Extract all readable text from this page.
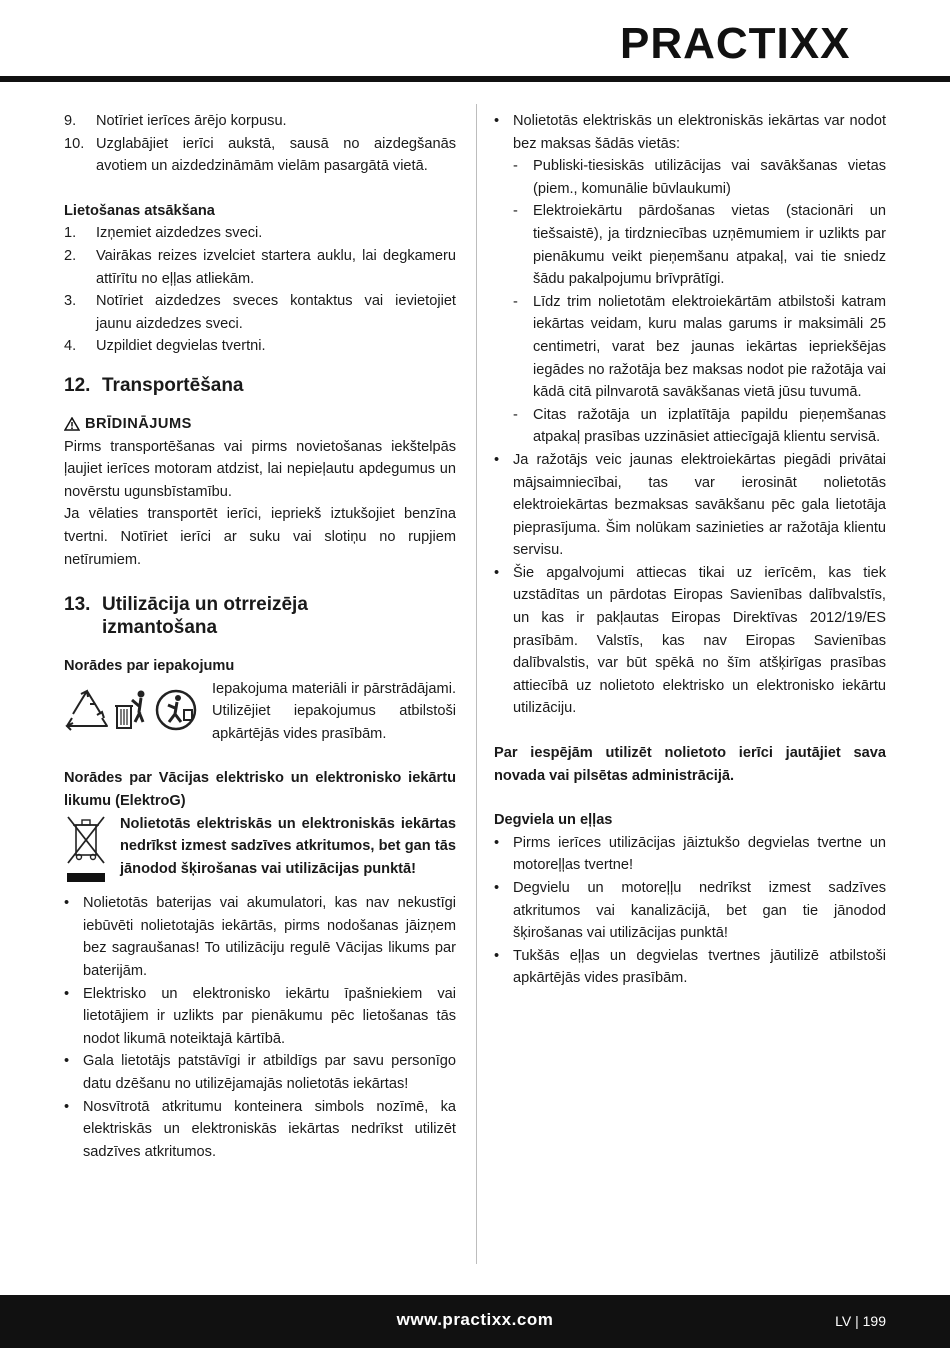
PRACTIXX
9.	Notīriet ierīces ārējo korpusu.
10. Uzglabājiet ierīci aukstā, sausā no aizdegšanās avotiem un aizdedzināmām vielām pasargātā vietā.

Lietošanas atsākšana

1.	Izņemiet aizdedzes sveci.
2.	Vairākas reizes izvelciet startera auklu, lai degkameru attīrītu no eļļas atliekām.
3.	Notīriet aizdedzes sveces kontaktus vai ievietojiet jaunu aizdedzes sveci.
4.	Uzpildiet degvielas tvertni.
12. Transportēšana
BRĪDINĀJUMS

Pirms transportēšanas vai pirms novietošanas iekštelpās ļaujiet ierīces motoram atdzist, lai nepieļautu apdegumus un novērstu ugunsbīstamību.

Ja vēlaties transportēt ierīci, iepriekš iztukšojiet benzīna tvertni. Notīriet ierīci ar suku vai slotiņu no rupjiem netīrumiem.

13. Utilizācija un otrreizēja
izmantošana

Norādes par iepakojumu

Iepakojuma materiāli ir pārstrādājami. Utilizējiet iepakojumus atbilstoši apkārtējās vides prasībām.

Norādes par Vācijas elektrisko un elektronisko iekārtu likumu (ElektroG)

Nolietotās elektriskās un elektroniskās iekārtas nedrīkst izmest sadzīves atkritumos, bet gan tās jānodod šķirošanas vai utilizācijas punktā!

• Nolietotās baterijas vai akumulatori, kas nav nekustīgi iebūvēti nolietotajās iekārtās, pirms nodošanas jāizņem bez sagraušanas! To utilizāciju regulē Vācijas likums par baterijām.
• Elektrisko un elektronisko iekārtu īpašniekiem vai lietotājiem ir uzlikts par pienākumu pēc lietošanas tās nodot likumā noteiktajā kārtībā.
• Gala lietotājs patstāvīgi ir atbildīgs par savu personīgo datu dzēšanu no utilizējamajās nolietotās iekārtas!
• Nosvītrotā atkritumu konteinera simbols nozīmē, ka elektriskās un elektroniskās iekārtas nedrīkst utilizēt sadzīves atkritumos.
• Nolietotās elektriskās un elektroniskās iekārtas var nodot bez maksas šādās vietās:
-	Publiski-tiesiskās utilizācijas vai savākšanas vietas (piem., komunālie būvlaukumi)
-	Elektroiekārtu pārdošanas vietas (stacionāri un tiešsaistē), ja tirdzniecības uzņēmumiem ir uzlikts par pienākumu veikt pieņemšanu atpakaļ, vai tie sniedz šādu pakalpojumu brīvprātīgi.
-	Līdz trim nolietotām elektroiekārtām atbilstoši katram iekārtas veidam, kuru malas garums ir maksimāli 25 centimetri, varat bez jaunas iekārtas iepriekšējas iegādes no ražotāja bez maksas nodot pie ražotāja vai kādā citā pilnvarotā savākšanas vietā jūsu tuvumā.
-	Citas ražotāja un izplatītāja papildu pieņemšanas atpakaļ prasības uzzināsiet attiecīgajā klientu servisā.
• Ja ražotājs veic jaunas elektroiekārtas piegādi privātai mājsaimniecībai, tas var ierosināt nolietotās elektroiekārtas bezmaksas savākšanu pēc gala lietotāja pieprasījuma. Šim nolūkam sazinieties ar ražotāja klientu servisu.
• Šie apgalvojumi attiecas tikai uz ierīcēm, kas tiek uzstādītas un pārdotas Eiropas Savienības dalībvalstīs, un kas ir pakļautas Eiropas Direktīvas 2012/19/ES prasībām. Valstīs, kas nav Eiropas Savienības dalībvalstis, var būt spēkā no šīm atšķirīgas prasības attiecībā uz nolietoto elektrisko un elektronisko iekārtu utilizāciju.

Par iespējām utilizēt nolietoto ierīci jautājiet sava novada vai pilsētas administrācijā.

Degviela un eļļas

• Pirms ierīces utilizācijas jāiztukšo degvielas tvertne un motoreļļas tvertne!
• Degvielu un motoreļļu nedrīkst izmest sadzīves atkritumos vai kanalizācijā, bet gan tie jānodod šķirošanas vai utilizācijas punktā!
• Tukšās eļļas un degvielas tvertnes jāutilizē atbilstoši apkārtējās vides prasībām.
www.practixx.com	LV | 199
